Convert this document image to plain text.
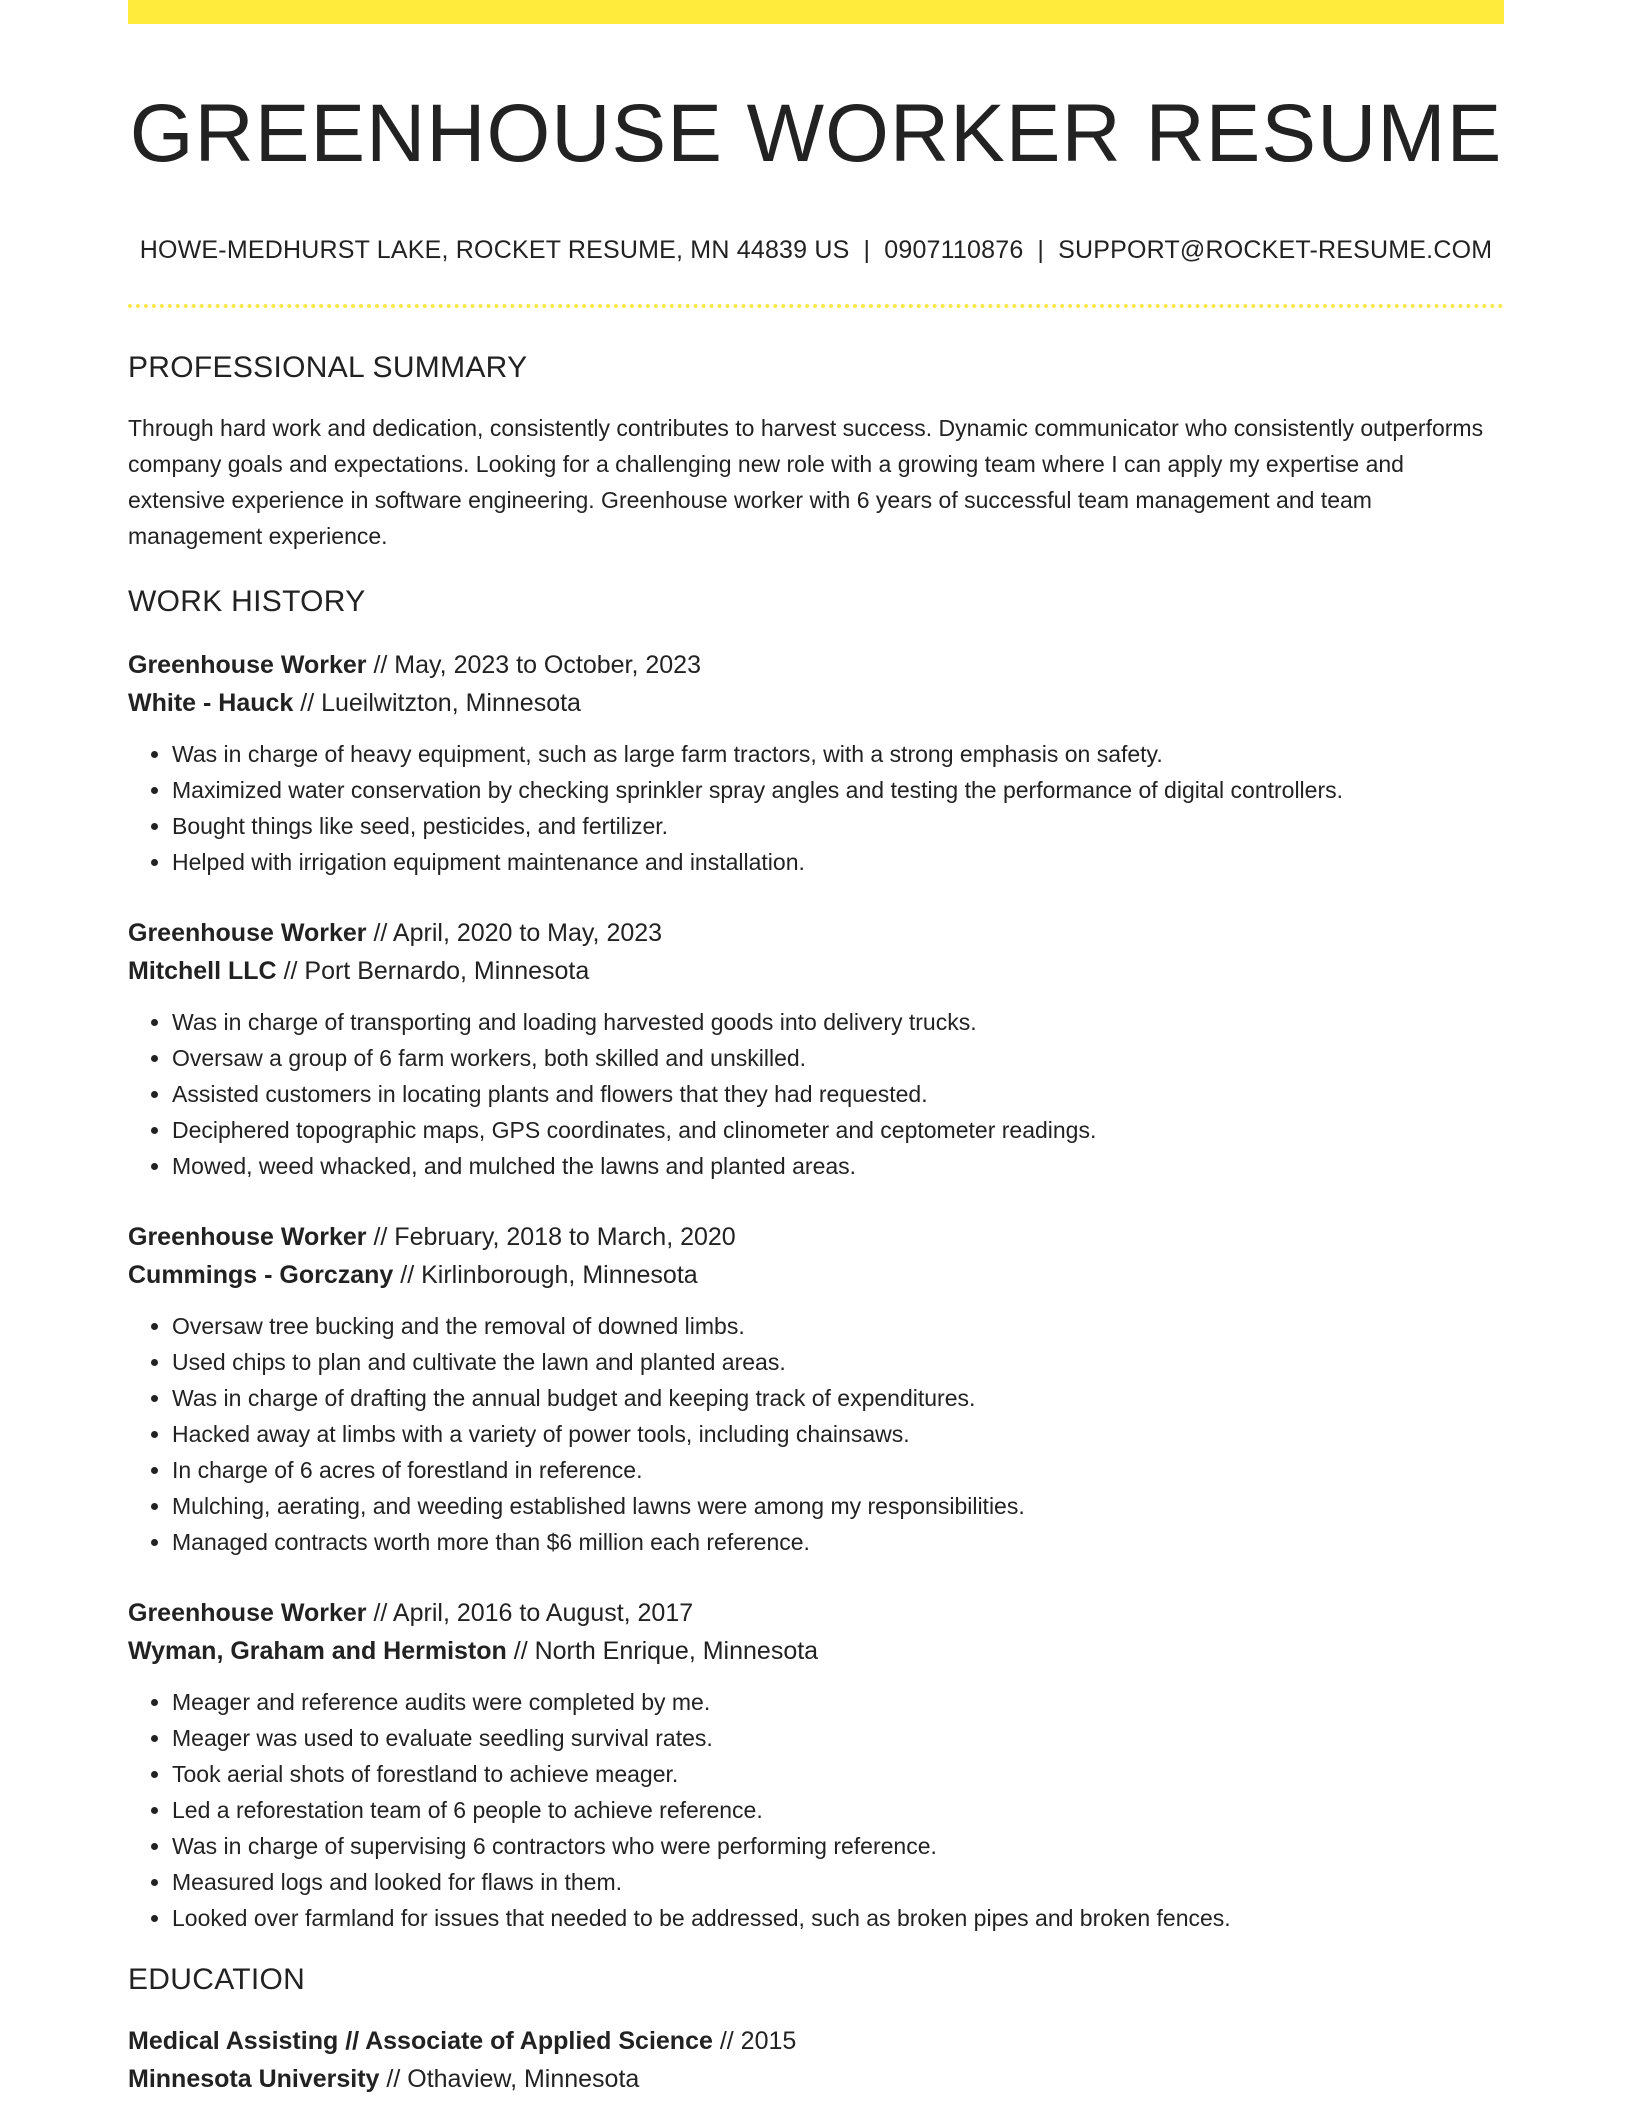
GREENHOUSE WORKER RESUME
HOWE-MEDHURST LAKE, ROCKET RESUME, MN 44839 US | 0907110876 | SUPPORT@ROCKET-RESUME.COM
PROFESSIONAL SUMMARY

Through hard work and dedication, consistently contributes to harvest success. Dynamic communicator who consistently outperforms company goals and expectations. Looking for a challenging new role with a growing team where I can apply my expertise and extensive experience in software engineering. Greenhouse worker with 6 years of successful team management and team management experience.

WORK HISTORY
Greenhouse Worker // May, 2023 to October, 2023
White - Hauck // Lueilwitzton, Minnesota
• Was in charge of heavy equipment, such as large farm tractors, with a strong emphasis on safety.
• Maximized water conservation by checking sprinkler spray angles and testing the performance of digital controllers.
• Bought things like seed, pesticides, and fertilizer.
• Helped with irrigation equipment maintenance and installation.
Greenhouse Worker // April, 2020 to May, 2023
Mitchell LLC // Port Bernardo, Minnesota
• Was in charge of transporting and loading harvested goods into delivery trucks.
• Oversaw a group of 6 farm workers, both skilled and unskilled.
• Assisted customers in locating plants and flowers that they had requested.
• Deciphered topographic maps, GPS coordinates, and clinometer and ceptometer readings.
• Mowed, weed whacked, and mulched the lawns and planted areas.
Greenhouse Worker // February, 2018 to March, 2020
Cummings - Gorczany // Kirlinborough, Minnesota
• Oversaw tree bucking and the removal of downed limbs.
• Used chips to plan and cultivate the lawn and planted areas.
• Was in charge of drafting the annual budget and keeping track of expenditures.
• Hacked away at limbs with a variety of power tools, including chainsaws.
• In charge of 6 acres of forestland in reference.
• Mulching, aerating, and weeding established lawns were among my responsibilities.
• Managed contracts worth more than $6 million each reference.
Greenhouse Worker // April, 2016 to August, 2017
Wyman, Graham and Hermiston // North Enrique, Minnesota
• Meager and reference audits were completed by me.
• Meager was used to evaluate seedling survival rates.
• Took aerial shots of forestland to achieve meager.
• Led a reforestation team of 6 people to achieve reference.
• Was in charge of supervising 6 contractors who were performing reference.
• Measured logs and looked for flaws in them.
• Looked over farmland for issues that needed to be addressed, such as broken pipes and broken fences.
EDUCATION
Medical Assisting // Associate of Applied Science // 2015
Minnesota University // Othaview, Minnesota
